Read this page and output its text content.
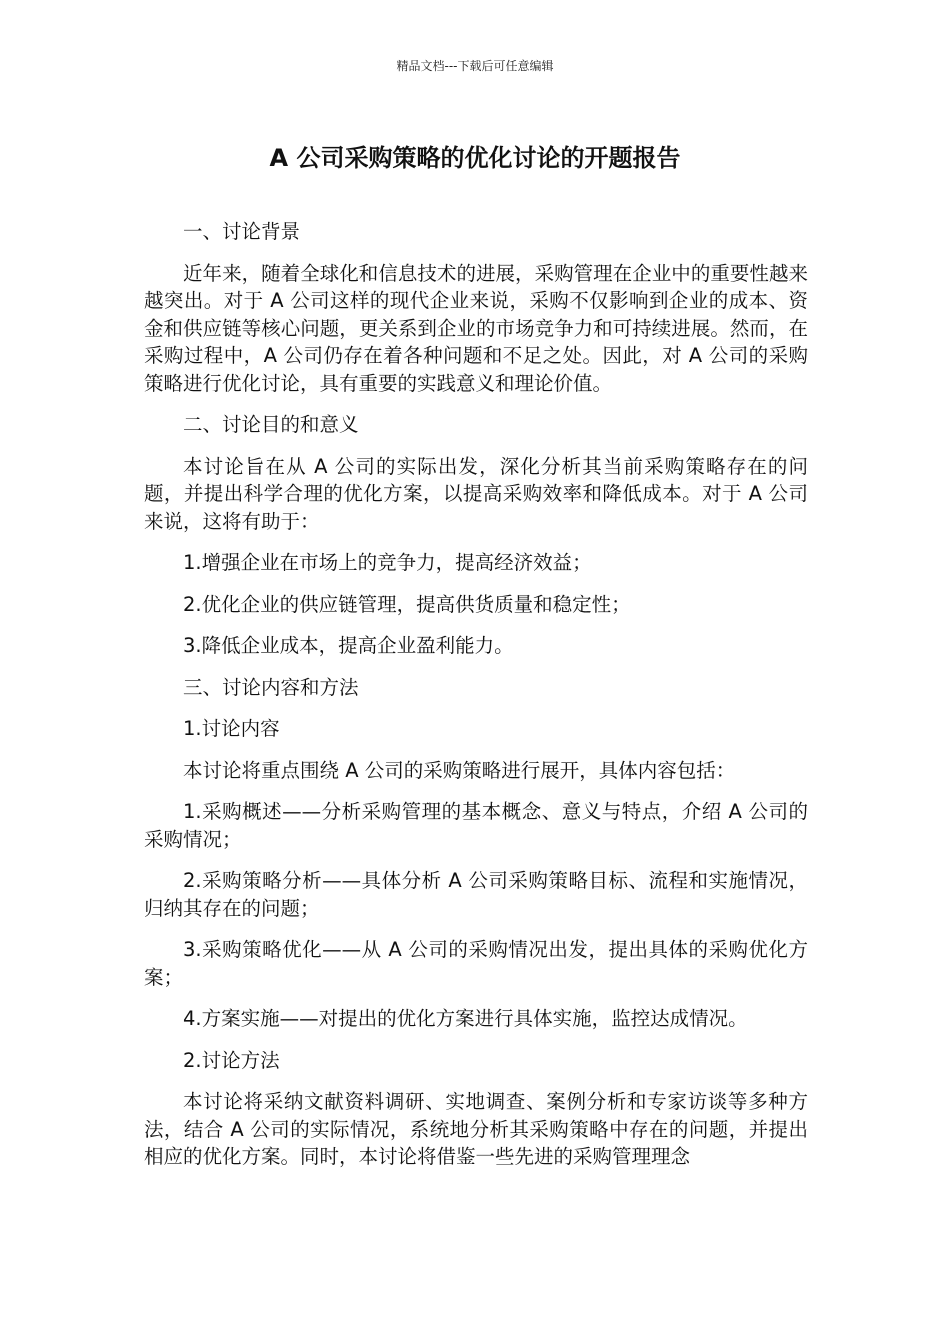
精品文档---下载后可任意编辑
A 公司采购策略的优化讨论的开题报告

一、讨论背景

近年来，随着全球化和信息技术的进展，采购管理在企业中的重要性越来越突出。对于 A 公司这样的现代企业来说，采购不仅影响到企业的成本、资金和供应链等核心问题，更关系到企业的市场竞争力和可持续进展。然而，在采购过程中，A 公司仍存在着各种问题和不足之处。因此，对 A 公司的采购策略进行优化讨论，具有重要的实践意义和理论价值。

二、讨论目的和意义

本讨论旨在从 A 公司的实际出发，深化分析其当前采购策略存在的问题，并提出科学合理的优化方案，以提高采购效率和降低成本。对于 A 公司来说，这将有助于：

1.增强企业在市场上的竞争力，提高经济效益；

2.优化企业的供应链管理，提高供货质量和稳定性；

3.降低企业成本，提高企业盈利能力。

三、讨论内容和方法

1.讨论内容

本讨论将重点围绕 A 公司的采购策略进行展开，具体内容包括：

1.采购概述——分析采购管理的基本概念、意义与特点，介绍 A 公司的采购情况；

2.采购策略分析——具体分析 A 公司采购策略目标、流程和实施情况，归纳其存在的问题；

3.采购策略优化——从 A 公司的采购情况出发，提出具体的采购优化方案；

4.方案实施——对提出的优化方案进行具体实施，监控达成情况。

2.讨论方法

本讨论将采纳文献资料调研、实地调查、案例分析和专家访谈等多种方法，结合 A 公司的实际情况，系统地分析其采购策略中存在的问题，并提出相应的优化方案。同时，本讨论将借鉴一些先进的采购管理理念
